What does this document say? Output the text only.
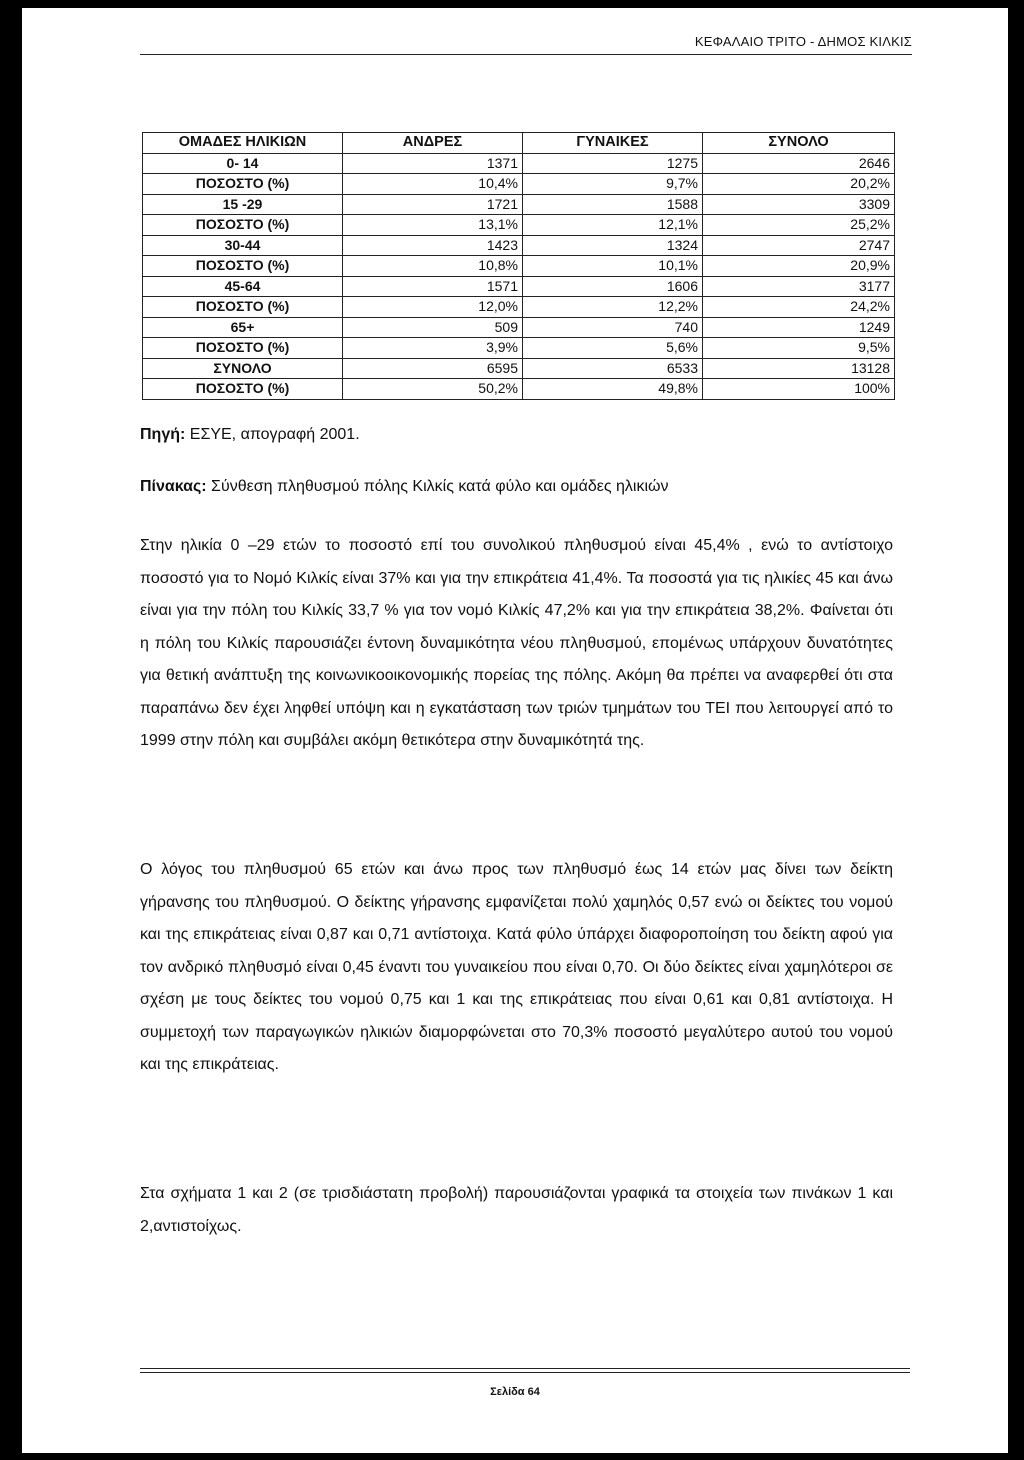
ΚΕΦΑΛΑΙΟ ΤΡΙΤΟ - ΔΗΜΟΣ ΚΙΛΚΙΣ
ΟΜΑΔΕΣ ΗΛΙΚΙΩΝ	ΑΝΔΡΕΣ	ΓΥΝΑΙΚΕΣ	ΣΥΝΟΛΟ
0- 14	1371	1275	2646
ΠΟΣΟΣΤΟ (%)	10,4%	9,7%	20,2%
15 -29	1721	1588	3309
ΠΟΣΟΣΤΟ (%)	13,1%	12,1%	25,2%
30-44	1423	1324	2747
ΠΟΣΟΣΤΟ (%)	10,8%	10,1%	20,9%
45-64	1571	1606	3177
ΠΟΣΟΣΤΟ (%)	12,0%	12,2%	24,2%
65+	509	740	1249
ΠΟΣΟΣΤΟ (%)	3,9%	5,6%	9,5%
ΣΥΝΟΛΟ	6595	6533	13128
ΠΟΣΟΣΤΟ (%)	50,2%	49,8%	100%
Πηγή: ΕΣΥΕ, απογραφή 2001.
Πίνακας: Σύνθεση πληθυσμού πόλης Κιλκίς κατά φύλο και ομάδες ηλικιών

Στην ηλικία 0 –29 ετών το ποσοστό επί του συνολικού πληθυσμού είναι 45,4% , ενώ το αντίστοιχο ποσοστό για το Νομό Κιλκίς είναι 37% και για την επικράτεια 41,4%. Τα ποσοστά για τις ηλικίες 45 και άνω είναι για την πόλη του Κιλκίς 33,7 % για τον νομό Κιλκίς 47,2% και για την επικράτεια 38,2%. Φαίνεται ότι η πόλη του Κιλκίς παρουσιάζει έντονη δυναμικότητα νέου πληθυσμού, επομένως υπάρχουν δυνατότητες για θετική ανάπτυξη της κοινωνικοοικονομικής πορείας της πόλης. Ακόμη θα πρέπει να αναφερθεί ότι στα παραπάνω δεν έχει ληφθεί υπόψη και η εγκατάσταση των τριών τμημάτων του ΤΕΙ που λειτουργεί από το 1999 στην πόλη και συμβάλει ακόμη θετικότερα στην δυναμικότητά της.

Ο λόγος του πληθυσμού 65 ετών και άνω προς των πληθυσμό έως 14 ετών μας δίνει των δείκτη γήρανσης του πληθυσμού. Ο δείκτης γήρανσης εμφανίζεται πολύ χαμηλός 0,57 ενώ οι δείκτες του νομού και της επικράτειας είναι 0,87 και 0,71 αντίστοιχα. Κατά φύλο ύπάρχει διαφοροποίηση του δείκτη αφού για τον ανδρικό πληθυσμό είναι 0,45 έναντι του γυναικείου που είναι 0,70. Οι δύο δείκτες είναι χαμηλότεροι σε σχέση με τους δείκτες του νομού 0,75 και 1 και της επικράτειας που είναι 0,61 και 0,81 αντίστοιχα. Η συμμετοχή των παραγωγικών ηλικιών διαμορφώνεται στο 70,3% ποσοστό μεγαλύτερο αυτού του νομού και της επικράτειας.

Στα σχήματα 1 και 2 (σε τρισδιάστατη προβολή) παρουσιάζονται γραφικά τα στοιχεία των πινάκων 1 και 2,αντιστοίχως.

Σελίδα 64
